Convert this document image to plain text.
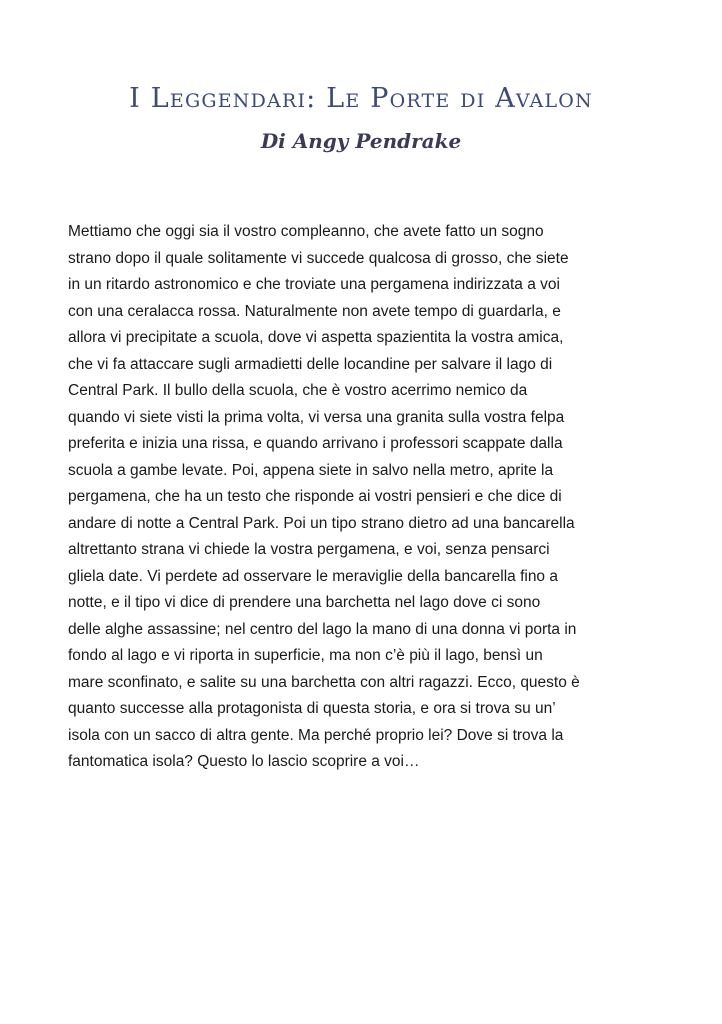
I Leggendari: Le Porte di Avalon
Di Angy Pendrake
Mettiamo che oggi sia il vostro compleanno, che avete fatto un sogno
strano dopo il quale solitamente vi succede qualcosa di grosso, che siete
in un ritardo astronomico e che troviate una pergamena indirizzata a voi
con una ceralacca rossa. Naturalmente non avete tempo di guardarla, e
allora vi precipitate a scuola, dove vi aspetta spazientita la vostra amica,
che vi fa attaccare sugli armadietti delle locandine per salvare il lago di
Central Park. Il bullo della scuola, che è vostro acerrimo nemico da
quando vi siete visti la prima volta, vi versa una granita sulla vostra felpa
preferita e inizia una rissa, e quando arrivano i professori scappate dalla
scuola a gambe levate. Poi, appena siete in salvo nella metro, aprite la
pergamena, che ha un testo che risponde ai vostri pensieri e che dice di
andare di notte a Central Park. Poi un tipo strano dietro ad una bancarella
altrettanto strana vi chiede la vostra pergamena, e voi, senza pensarci
gliela date. Vi perdete ad osservare le meraviglie della bancarella fino a
notte, e il tipo vi dice di prendere una barchetta nel lago dove ci sono
delle alghe assassine; nel centro del lago la mano di una donna vi porta in
fondo al lago e vi riporta in superficie, ma non c’è più il lago, bensì un
mare sconfinato, e salite su una barchetta con altri ragazzi. Ecco, questo è
quanto successe alla protagonista di questa storia, e ora si trova su un’
isola con un sacco di altra gente. Ma perché proprio lei? Dove si trova la
fantomatica isola? Questo lo lascio scoprire a voi…
